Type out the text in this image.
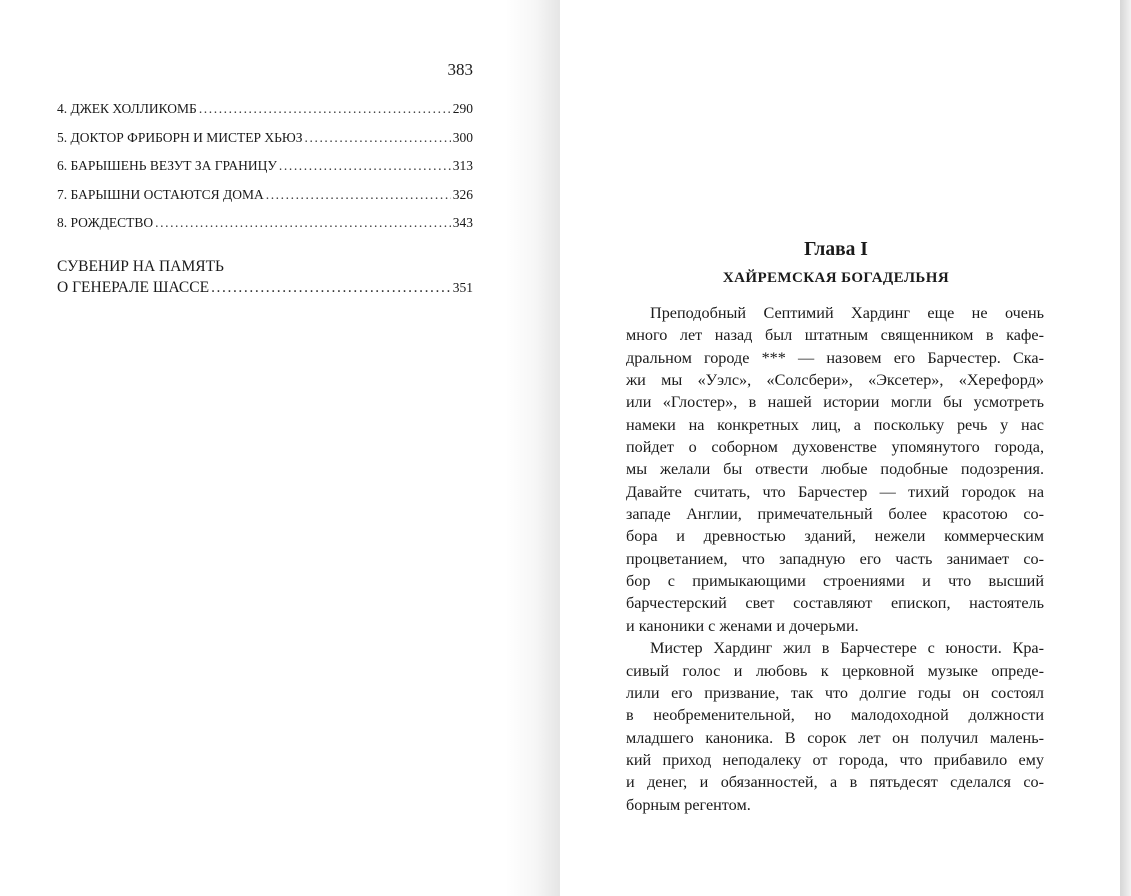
383
4. ДЖЕК ХОЛЛИКОМБ .....	290
5. ДОКТОР ФРИБОРН И МИСТЕР ХЬЮЗ .....	300
6. БАРЫШЕНЬ ВЕЗУТ ЗА ГРАНИЦУ .....	313
7. БАРЫШНИ ОСТАЮТСЯ ДОМА .....	326
8. РОЖДЕСТВО .....	343
СУВЕНИР НА ПАМЯТЬ
О ГЕНЕРАЛЕ ШАССЕ .....	351
Глава I
ХАЙРЕМСКАЯ БОГАДЕЛЬНЯ
Преподобный Септимий Хардинг еще не очень
много лет назад был штатным священником в кафе-
дральном городе *** — назовем его Барчестер. Ска-
жи мы «Уэлс», «Солсбери», «Эксетер», «Херефорд»
или «Глостер», в нашей истории могли бы усмотреть
намеки на конкретных лиц, а поскольку речь у нас
пойдет о соборном духовенстве упомянутого города,
мы желали бы отвести любые подобные подозрения.
Давайте считать, что Барчестер — тихий городок на
западе Англии, примечательный более красотою со-
бора и древностью зданий, нежели коммерческим
процветанием, что западную его часть занимает со-
бор с примыкающими строениями и что высший
барчестерский свет составляют епископ, настоятель
и каноники с женами и дочерьми.
Мистер Хардинг жил в Барчестере с юности. Кра-
сивый голос и любовь к церковной музыке опреде-
лили его призвание, так что долгие годы он состоял
в необременительной, но малодоходной должности
младшего каноника. В сорок лет он получил малень-
кий приход неподалеку от города, что прибавило ему
и денег, и обязанностей, а в пятьдесят сделался со-
борным регентом.
